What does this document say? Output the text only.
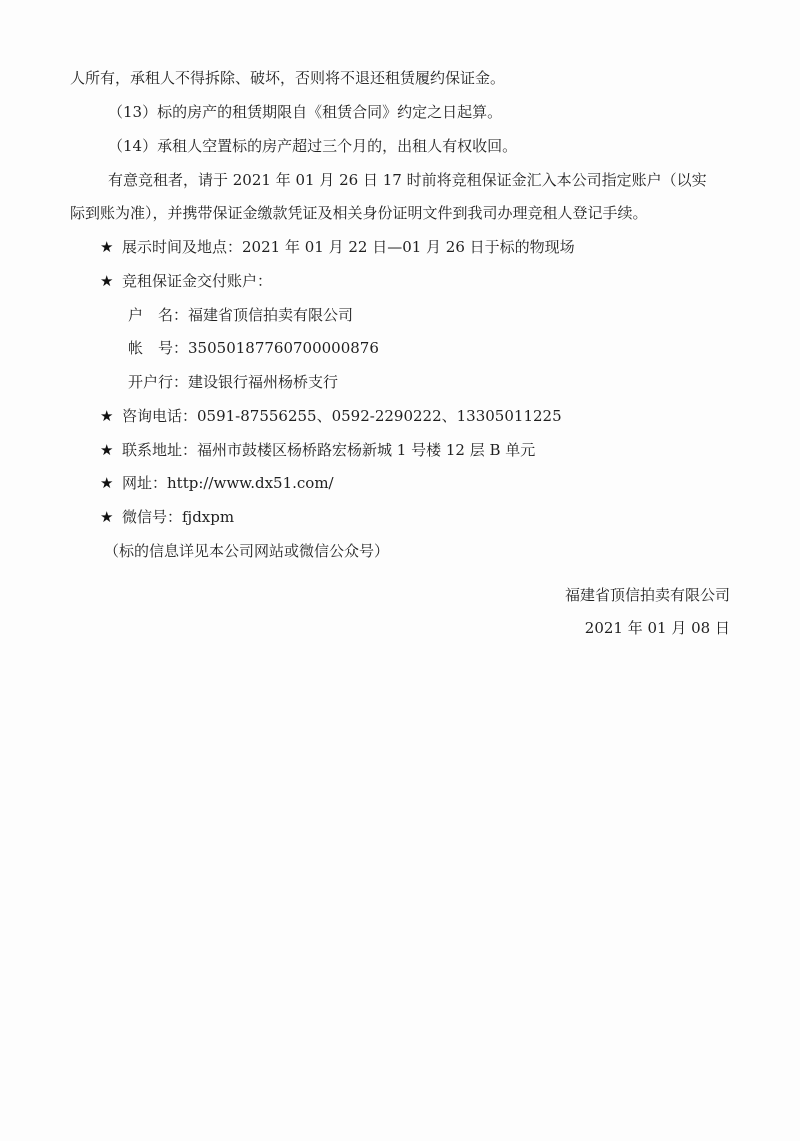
人所有，承租人不得拆除、破坏，否则将不退还租赁履约保证金。
（13）标的房产的租赁期限自《租赁合同》约定之日起算。
（14）承租人空置标的房产超过三个月的，出租人有权收回。
有意竞租者，请于 2021 年 01 月 26 日 17 时前将竞租保证金汇入本公司指定账户（以实
际到账为准），并携带保证金缴款凭证及相关身份证明文件到我司办理竞租人登记手续。
★ 展示时间及地点：2021 年 01 月 22 日—01 月 26 日于标的物现场
★ 竞租保证金交付账户：
户　名：福建省顶信拍卖有限公司
帐　号：35050187760700000876
开户行：建设银行福州杨桥支行
★ 咨询电话：0591-87556255、0592-2290222、13305011225
★ 联系地址：福州市鼓楼区杨桥路宏杨新城 1 号楼 12 层 B 单元
★ 网址：http://www.dx51.com/
★ 微信号：fjdxpm
（标的信息详见本公司网站或微信公众号）
福建省顶信拍卖有限公司
2021 年 01 月 08 日
